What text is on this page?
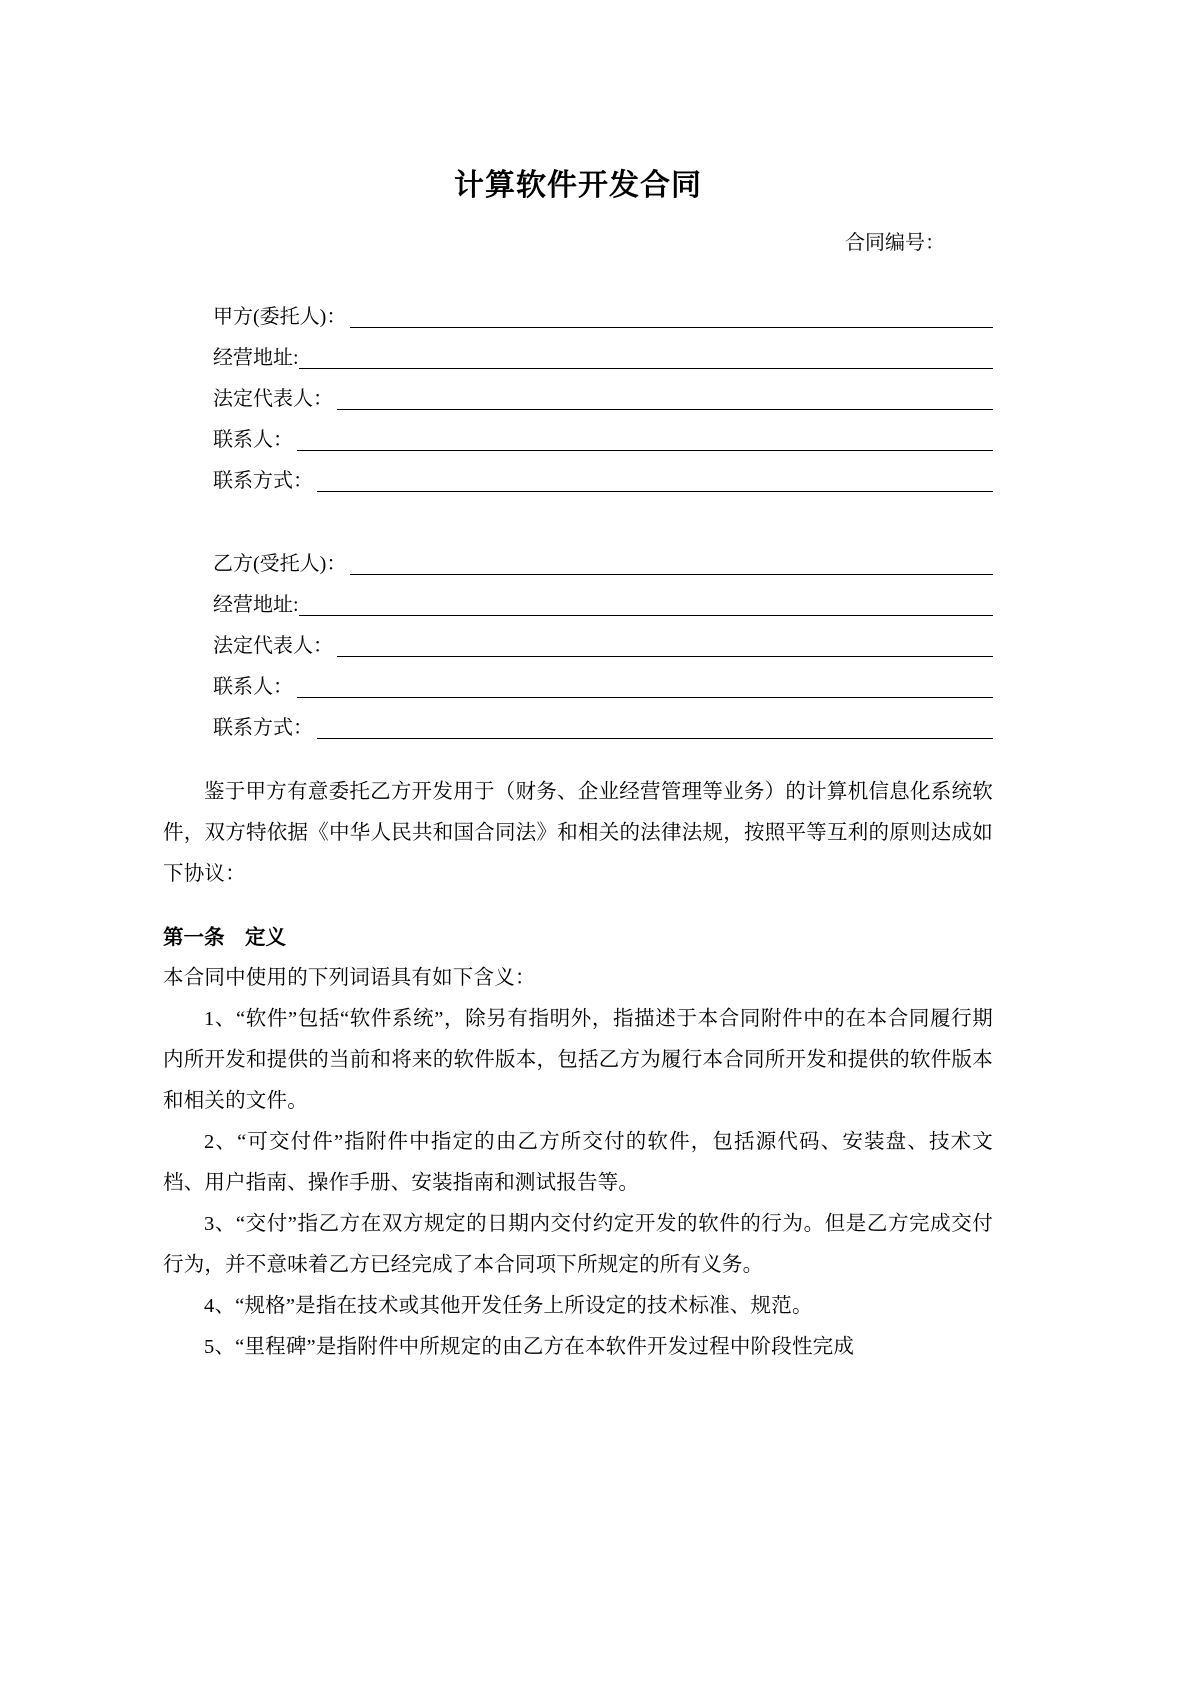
计算软件开发合同
合同编号：
甲方(委托人)：
经营地址:
法定代表人：
联系人：
联系方式：
乙方(受托人)：
经营地址:
法定代表人：
联系人：
联系方式：

鉴于甲方有意委托乙方开发用于（财务、企业经营管理等业务）的计算机信息化系统软件，双方特依据《中华人民共和国合同法》和相关的法律法规，按照平等互利的原则达成如下协议：

第一条　定义

本合同中使用的下列词语具有如下含义：

1、“软件”包括“软件系统”，除另有指明外，指描述于本合同附件中的在本合同履行期内所开发和提供的当前和将来的软件版本，包括乙方为履行本合同所开发和提供的软件版本和相关的文件。

2、“可交付件”指附件中指定的由乙方所交付的软件，包括源代码、安装盘、技术文档、用户指南、操作手册、安装指南和测试报告等。

3、“交付”指乙方在双方规定的日期内交付约定开发的软件的行为。但是乙方完成交付行为，并不意味着乙方已经完成了本合同项下所规定的所有义务。

4、“规格”是指在技术或其他开发任务上所设定的技术标准、规范。

5、“里程碑”是指附件中所规定的由乙方在本软件开发过程中阶段性完成
